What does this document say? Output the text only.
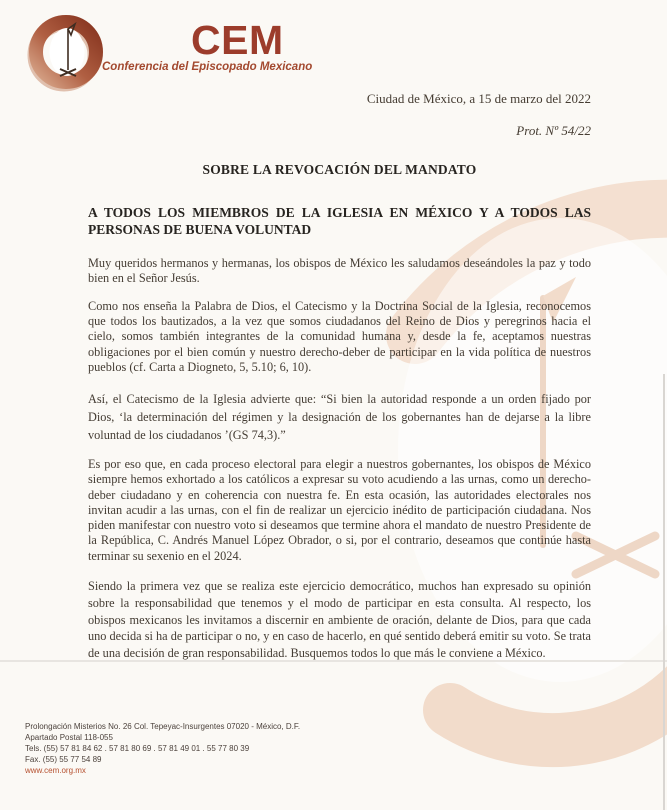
CEM
Conferencia del Episcopado Mexicano
Ciudad de México, a 15 de marzo del 2022
Prot. Nº 54/22
SOBRE LA REVOCACIÓN DEL MANDATO
A TODOS LOS MIEMBROS DE LA IGLESIA EN MÉXICO Y A TODOS LAS PERSONAS DE BUENA VOLUNTAD

Muy queridos hermanos y hermanas, los obispos de México les saludamos deseándoles la paz y todo bien en el Señor Jesús.

Como nos enseña la Palabra de Dios, el Catecismo y la Doctrina Social de la Iglesia, reconocemos que todos los bautizados, a la vez que somos ciudadanos del Reino de Dios y peregrinos hacia el cielo, somos también integrantes de la comunidad humana y, desde la fe, aceptamos nuestras obligaciones por el bien común y nuestro derecho-deber de participar en la vida política de nuestros pueblos (cf. Carta a Diogneto, 5, 5.10; 6, 10).

Así, el Catecismo de la Iglesia advierte que: “Si bien la autoridad responde a un orden fijado por Dios, ‘la determinación del régimen y la designación de los gobernantes han de dejarse a la libre voluntad de los ciudadanos ’(GS 74,3).”

Es por eso que, en cada proceso electoral para elegir a nuestros gobernantes, los obispos de México siempre hemos exhortado a los católicos a expresar su voto acudiendo a las urnas, como un derecho-deber ciudadano y en coherencia con nuestra fe. En esta ocasión, las autoridades electorales nos invitan acudir a las urnas, con el fin de realizar un ejercicio inédito de participación ciudadana. Nos piden manifestar con nuestro voto si deseamos que termine ahora el mandato de nuestro Presidente de la República, C. Andrés Manuel López Obrador, o si, por el contrario, deseamos que continúe hasta terminar su sexenio en el 2024.

Siendo la primera vez que se realiza este ejercicio democrático, muchos han expresado su opinión sobre la responsabilidad que tenemos y el modo de participar en esta consulta. Al respecto, los obispos mexicanos les invitamos a discernir en ambiente de oración, delante de Dios, para que cada uno decida si ha de participar o no, y en caso de hacerlo, en qué sentido deberá emitir su voto. Se trata de una decisión de gran responsabilidad. Busquemos todos lo que más le conviene a México.

Prolongación Misterios No. 26 Col. Tepeyac-Insurgentes 07020 - México, D.F.
Apartado Postal 118-055
Tels. (55) 57 81 84 62 . 57 81 80 69 . 57 81 49 01 . 55 77 80 39
Fax. (55) 55 77 54 89
www.cem.org.mx
